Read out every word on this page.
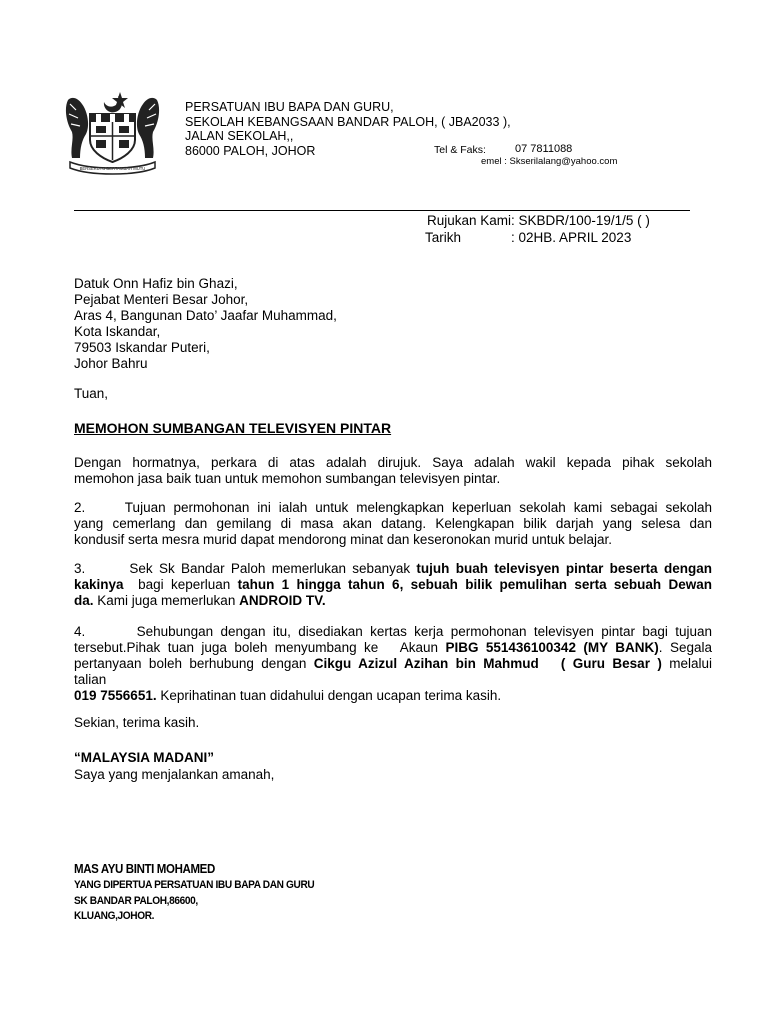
BERSEKUTU BERTAMBAH MUTU
PERSATUAN IBU BAPA DAN GURU,
SEKOLAH KEBANGSAAN BANDAR PALOH, ( JBA2033 ),
JALAN SEKOLAH,,
86000 PALOH, JOHOR	Tel & Faks:	07 7811088
emel : Skserilalang@yahoo.com
Rujukan Kami: SKBDR/100-19/1/5 ( )
Tarikh	: 02HB. APRIL 2023
Datuk Onn Hafiz bin Ghazi,
Pejabat Menteri Besar Johor,
Aras 4, Bangunan Dato’ Jaafar Muhammad,
Kota Iskandar,
79503 Iskandar Puteri,
Johor Bahru
Tuan,
MEMOHON SUMBANGAN TELEVISYEN PINTAR
Dengan hormatnya, perkara di atas adalah dirujuk. Saya adalah wakil kepada pihak sekolah
memohon jasa baik tuan untuk memohon sumbangan televisyen pintar.
2.     Tujuan permohonan ini ialah untuk melengkapkan keperluan sekolah kami sebagai sekolah
yang cemerlang dan gemilang di masa akan datang. Kelengkapan bilik darjah yang selesa dan
kondusif serta mesra murid dapat mendorong minat dan keseronokan murid untuk belajar.
3.       Sek Sk Bandar Paloh memerlukan sebanyak tujuh buah televisyen pintar beserta dengan
kakinya  bagi keperluan tahun 1 hingga tahun 6, sebuah bilik pemulihan serta sebuah Dewan
da. Kami juga memerlukan ANDROID TV.
4.       Sehubungan dengan itu, disediakan kertas kerja permohonan televisyen pintar bagi tujuan
tersebut.Pihak tuan juga boleh menyumbang ke   Akaun PIBG 551436100342 (MY BANK). Segala
pertanyaan boleh berhubung dengan Cikgu Azizul Azihan bin Mahmud   ( Guru Besar ) melalui
talian
019 7556651. Keprihatinan tuan didahului dengan ucapan terima kasih.
Sekian, terima kasih.
“MALAYSIA MADANI”
Saya yang menjalankan amanah,
MAS AYU BINTI MOHAMED
YANG DIPERTUA PERSATUAN IBU BAPA DAN GURU
SK BANDAR PALOH,86600,
KLUANG,JOHOR.
